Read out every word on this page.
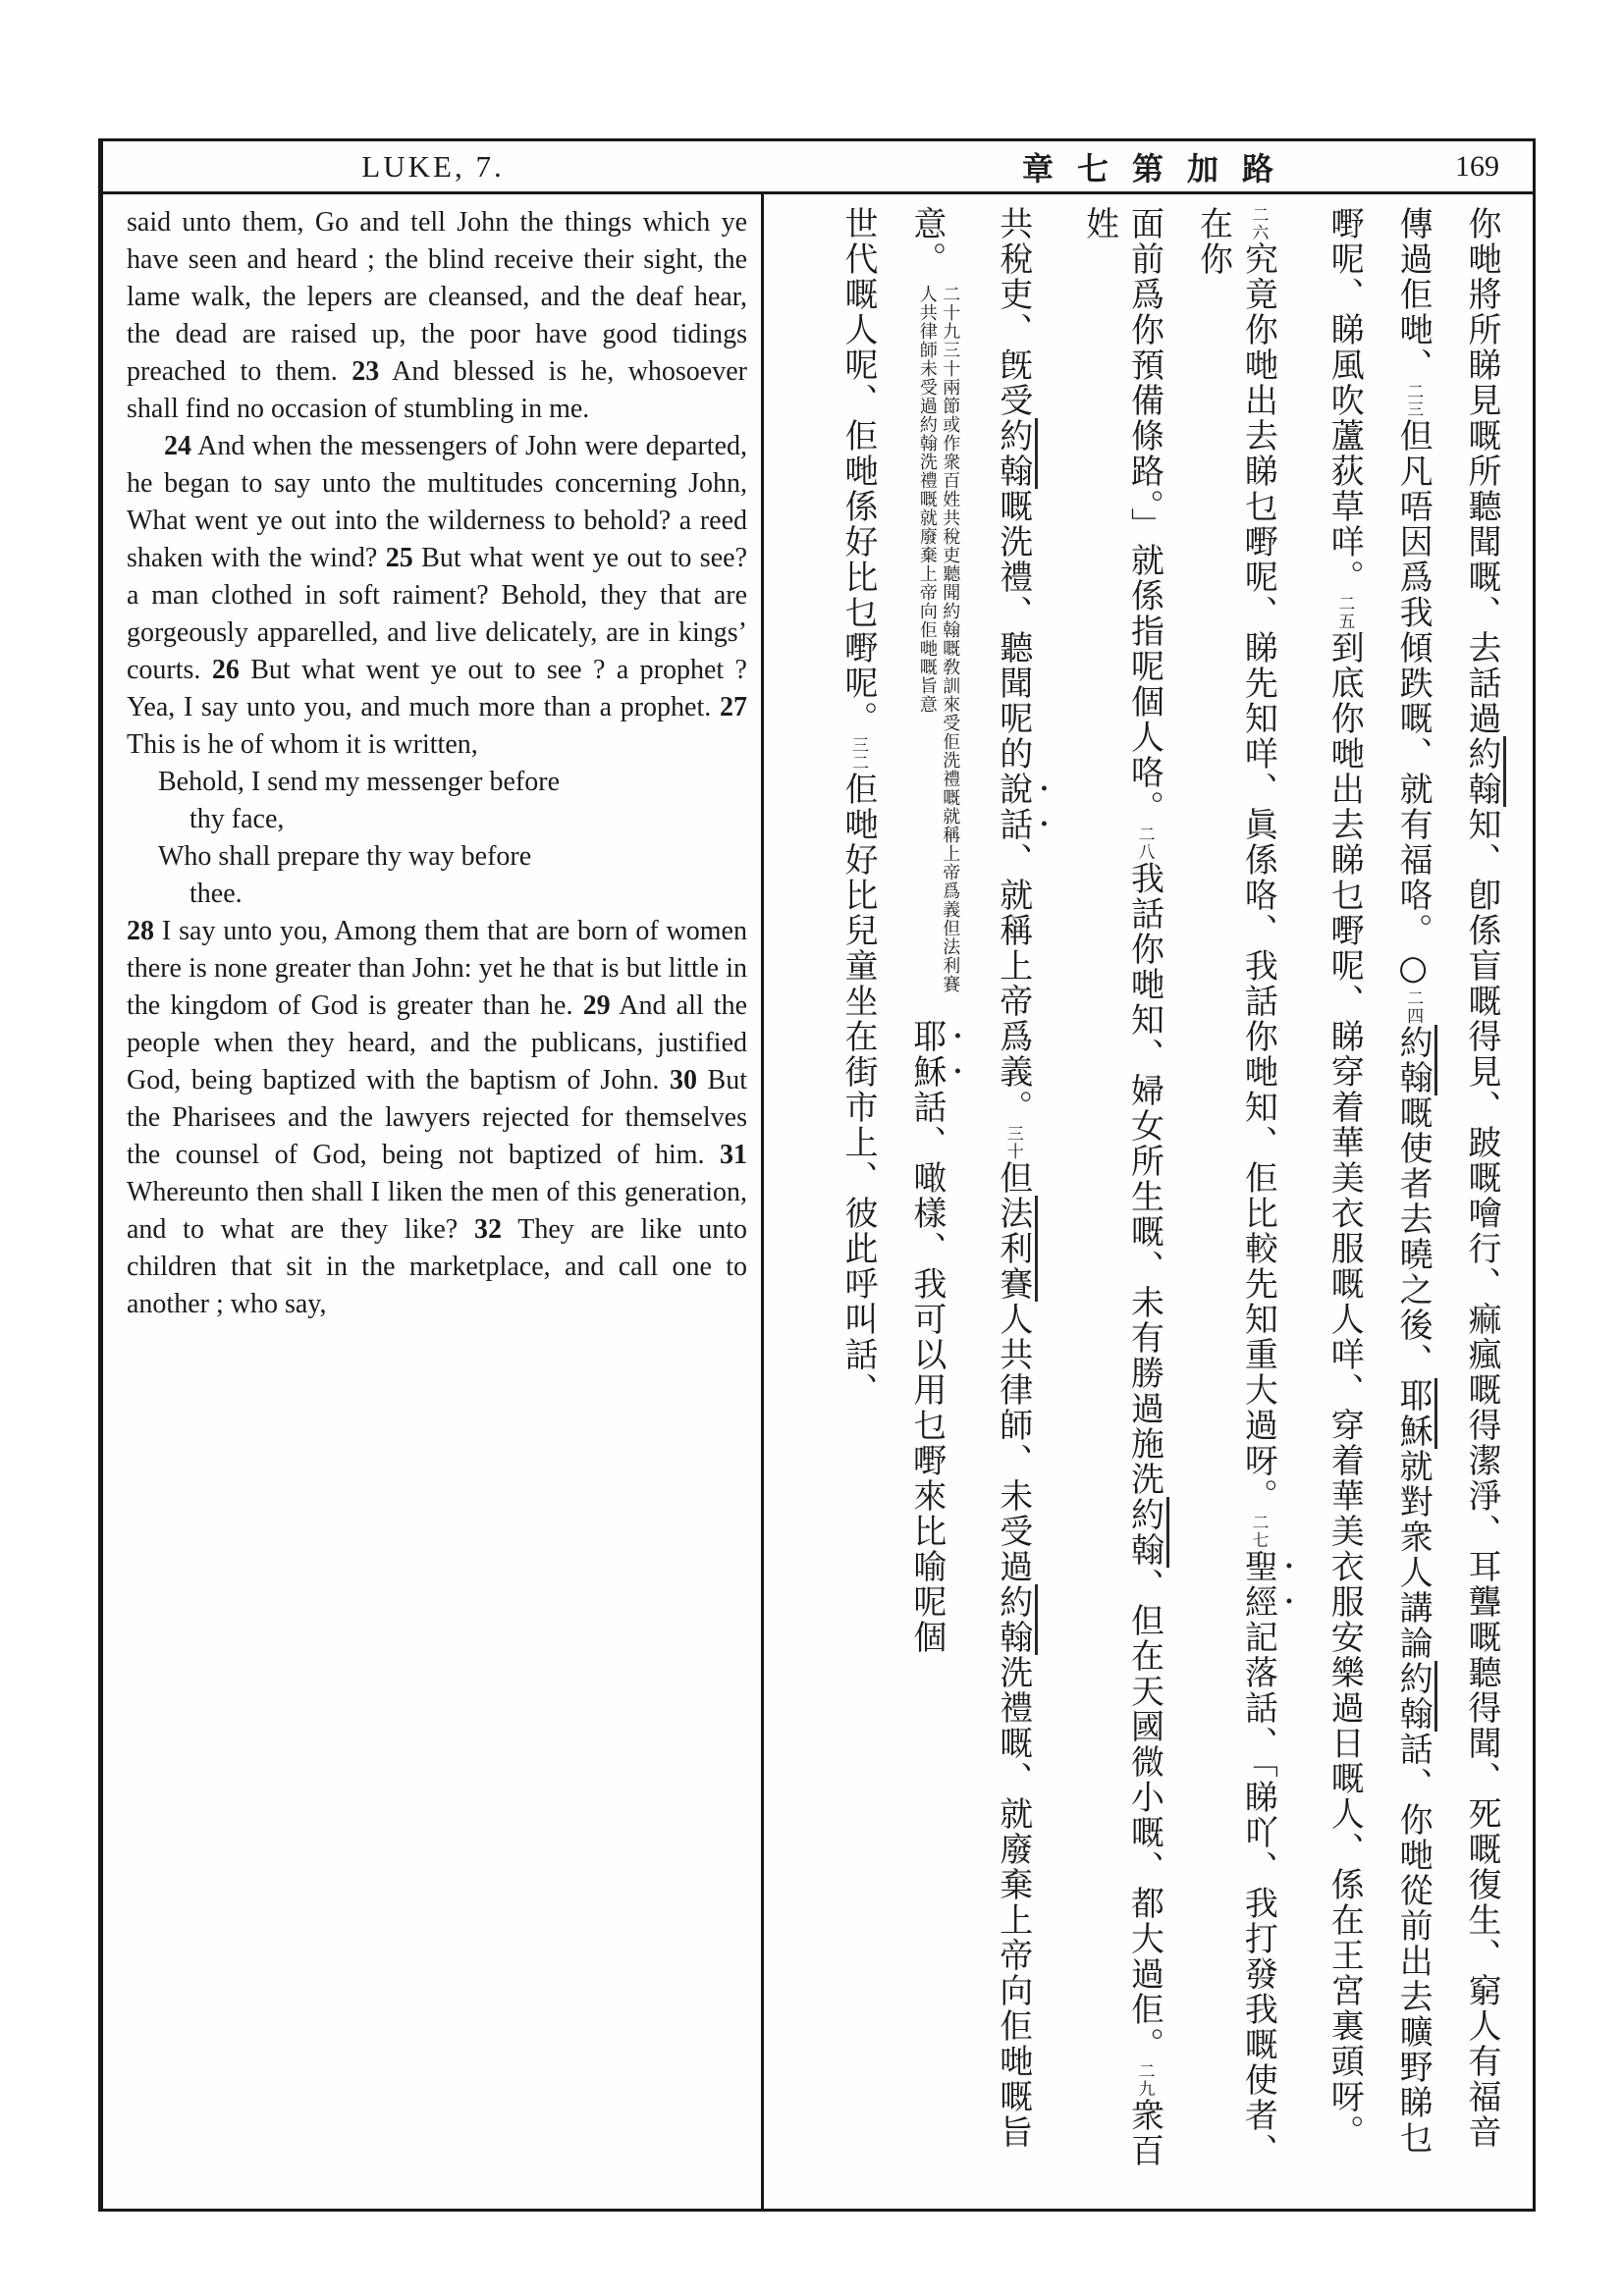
LUKE, 7.	章七第加路	169

said unto them, Go and tell John the things which ye have seen and heard ; the blind receive their sight, the lame walk, the lepers are cleansed, and the deaf hear, the dead are raised up, the poor have good tidings preached to them. 23 And blessed is he, whosoever shall find no occasion of stumbling in me.

24 And when the messengers of John were departed, he began to say unto the multitudes concerning John, What went ye out into the wilderness to behold? a reed shaken with the wind? 25 But what went ye out to see? a man clothed in soft raiment? Behold, they that are gorgeously apparelled, and live delicately, are in kings’ courts. 26 But what went ye out to see ? a prophet ? Yea, I say unto you, and much more than a prophet. 27 This is he of whom it is written,

Behold, I send my messenger before thy face,

Who shall prepare thy way before thee.

28 I say unto you, Among them that are born of women there is none greater than John: yet he that is but little in the kingdom of God is greater than he. 29 And all the people when they heard, and the publicans, justified God, being baptized with the baptism of John. 30 But the Pharisees and the lawyers rejected for themselves the counsel of God, being not baptized of him. 31 Whereunto then shall I liken the men of this generation, and to what are they like? 32 They are like unto children that sit in the marketplace, and call one to another ; who say,

你哋將所睇見嘅所聽聞嘅、去話過約翰知、卽係盲嘅得見、跛嘅噲行、痲瘋嘅得潔淨、耳聾嘅聽得聞、死嘅復生、窮人有福音
傳過佢哋、二三但凡唔因爲我傾跌嘅、就有福咯。○二四約翰嘅使者去曉之後、耶穌就對衆人講論約翰話、你哋從前出去曠野睇乜
嘢呢、睇風吹蘆荻草咩。二五到底你哋出去睇乜嘢呢、睇穿着華美衣服嘅人咩、穿着華美衣服安樂過日嘅人、係在王宮裏頭呀。
二六究竟你哋出去睇乜嘢呢、睇先知咩、眞係咯、我話你哋知、佢比較先知重大過呀。二七聖經記落話、「睇吖、我打發我嘅使者、在你
面前爲你預備條路。」就係指呢個人咯。二八我話你哋知、婦女所生嘅、未有勝過施洗約翰、但在天國微小嘅、都大過佢。二九衆百姓
共稅吏、旣受約翰嘅洗禮、聽聞呢的說話、就稱上帝爲義。三十但法利賽人共律師、未受過約翰洗禮嘅、就廢棄上帝向佢哋嘅旨
意。二十九三十兩節或作衆百姓共稅吏聽聞約翰嘅敎訓來受佢洗禮嘅就稱上帝爲義但法利賽人共律師未受過約翰洗禮嘅就廢棄上帝向佢哋嘅旨意耶穌話、噉樣、我可以用乜嘢來比喻呢個
世代嘅人呢、佢哋係好比乜嘢呢。三二佢哋好比兒童坐在街市上、彼此呼叫話、
